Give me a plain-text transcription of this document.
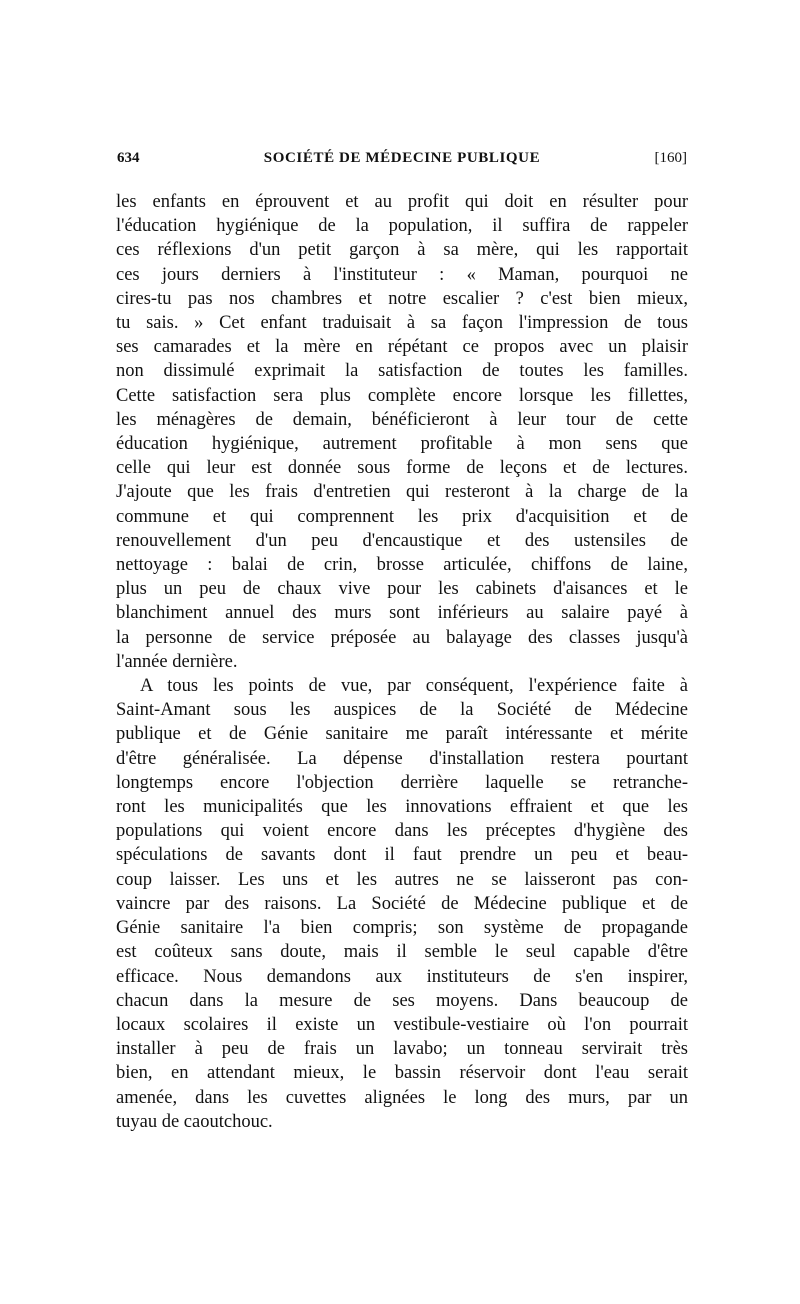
634	SOCIÉTÉ DE MÉDECINE PUBLIQUE	[160]
les enfants en éprouvent et au profit qui doit en résulter pour
l'éducation hygiénique de la population, il suffira de rappeler
ces réflexions d'un petit garçon à sa mère, qui les rapportait
ces jours derniers à l'instituteur : « Maman, pourquoi ne
cires-tu pas nos chambres et notre escalier ? c'est bien mieux,
tu sais. » Cet enfant traduisait à sa façon l'impression de tous
ses camarades et la mère en répétant ce propos avec un plaisir
non dissimulé exprimait la satisfaction de toutes les familles.
Cette satisfaction sera plus complète encore lorsque les fillettes,
les ménagères de demain, bénéficieront à leur tour de cette
éducation hygiénique, autrement profitable à mon sens que
celle qui leur est donnée sous forme de leçons et de lectures.
J'ajoute que les frais d'entretien qui resteront à la charge de la
commune et qui comprennent les prix d'acquisition et de
renouvellement d'un peu d'encaustique et des ustensiles de
nettoyage : balai de crin, brosse articulée, chiffons de laine,
plus un peu de chaux vive pour les cabinets d'aisances et le
blanchiment annuel des murs sont inférieurs au salaire payé à
la personne de service préposée au balayage des classes jusqu'à
l'année dernière.
A tous les points de vue, par conséquent, l'expérience faite à
Saint-Amant sous les auspices de la Société de Médecine
publique et de Génie sanitaire me paraît intéressante et mérite
d'être généralisée. La dépense d'installation restera pourtant
longtemps encore l'objection derrière laquelle se retranche-
ront les municipalités que les innovations effraient et que les
populations qui voient encore dans les préceptes d'hygiène des
spéculations de savants dont il faut prendre un peu et beau-
coup laisser. Les uns et les autres ne se laisseront pas con-
vaincre par des raisons. La Société de Médecine publique et de
Génie sanitaire l'a bien compris; son système de propagande
est coûteux sans doute, mais il semble le seul capable d'être
efficace. Nous demandons aux instituteurs de s'en inspirer,
chacun dans la mesure de ses moyens. Dans beaucoup de
locaux scolaires il existe un vestibule-vestiaire où l'on pourrait
installer à peu de frais un lavabo; un tonneau servirait très
bien, en attendant mieux, le bassin réservoir dont l'eau serait
amenée, dans les cuvettes alignées le long des murs, par un
tuyau de caoutchouc.
